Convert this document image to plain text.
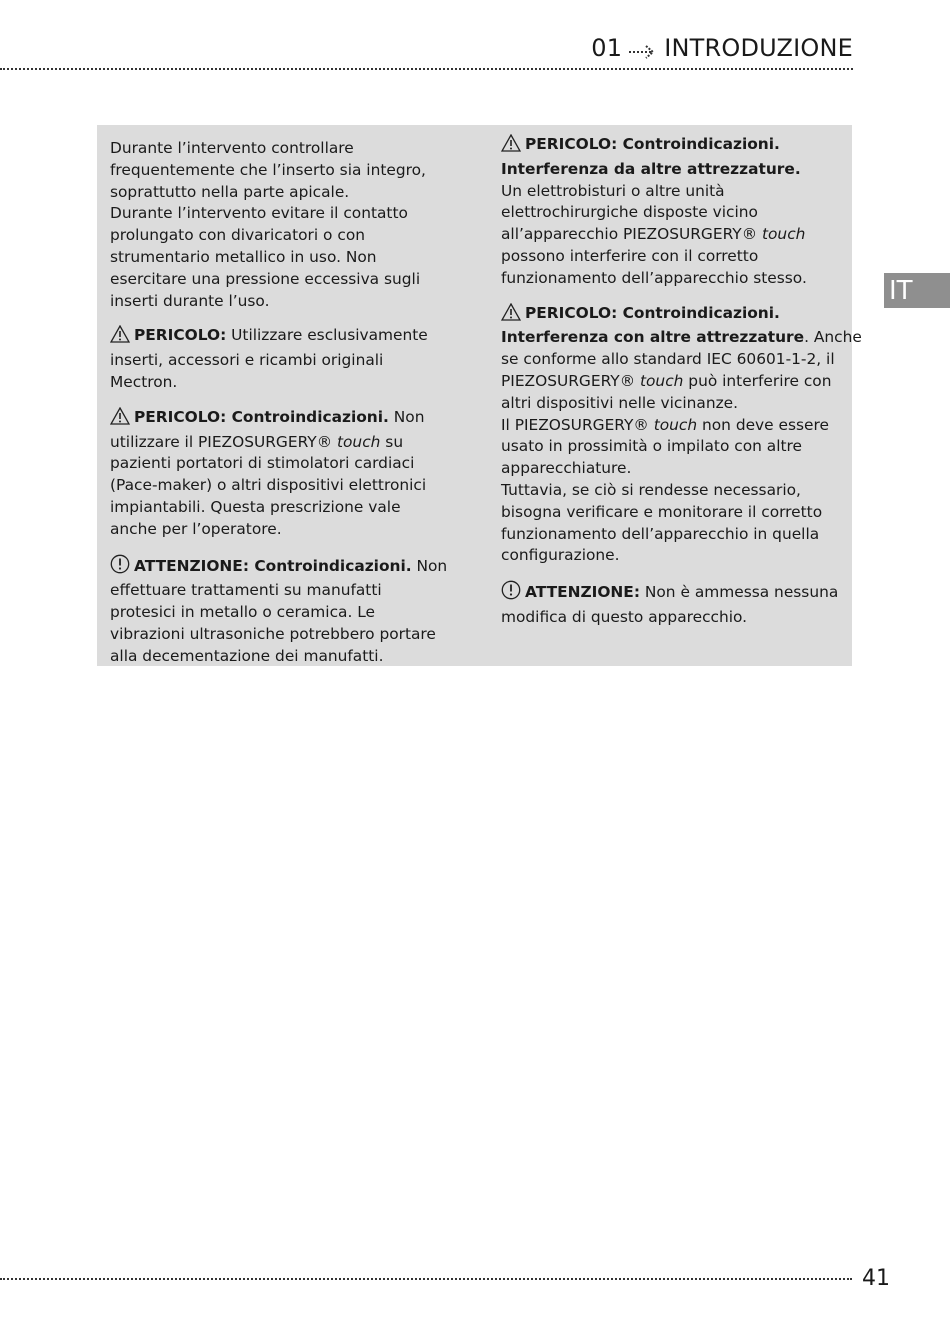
01 INTRODUZIONE
IT
Durante l’intervento controllare
frequentemente che l’inserto sia integro,
soprattutto nella parte apicale.
Durante l’intervento evitare il contatto
prolungato con divaricatori o con
strumentario metallico in uso. Non
esercitare una pressione eccessiva sugli
inserti durante l’uso.
PERICOLO: Utilizzare esclusivamente
inserti, accessori e ricambi originali
Mectron.
PERICOLO: Controindicazioni. Non
utilizzare il PIEZOSURGERY® touch su
pazienti portatori di stimolatori cardiaci
(Pace-maker) o altri dispositivi elettronici
impiantabili. Questa prescrizione vale
anche per l’operatore.
ATTENZIONE: Controindicazioni. Non
effettuare trattamenti su manufatti
protesici in metallo o ceramica. Le
vibrazioni ultrasoniche potrebbero portare
alla decementazione dei manufatti.
PERICOLO: Controindicazioni.
Interferenza da altre attrezzature.
Un elettrobisturi o altre unità
elettrochirurgiche disposte vicino
all’apparecchio PIEZOSURGERY® touch
possono interferire con il corretto
funzionamento dell’apparecchio stesso.
PERICOLO: Controindicazioni.
Interferenza con altre attrezzature. Anche
se conforme allo standard IEC 60601-1-2, il
PIEZOSURGERY® touch può interferire con
altri dispositivi nelle vicinanze.
Il PIEZOSURGERY® touch non deve essere
usato in prossimità o impilato con altre
apparecchiature.
Tuttavia, se ciò si rendesse necessario,
bisogna verificare e monitorare il corretto
funzionamento dell’apparecchio in quella
configurazione.
ATTENZIONE: Non è ammessa nessuna
modifica di questo apparecchio.
41
